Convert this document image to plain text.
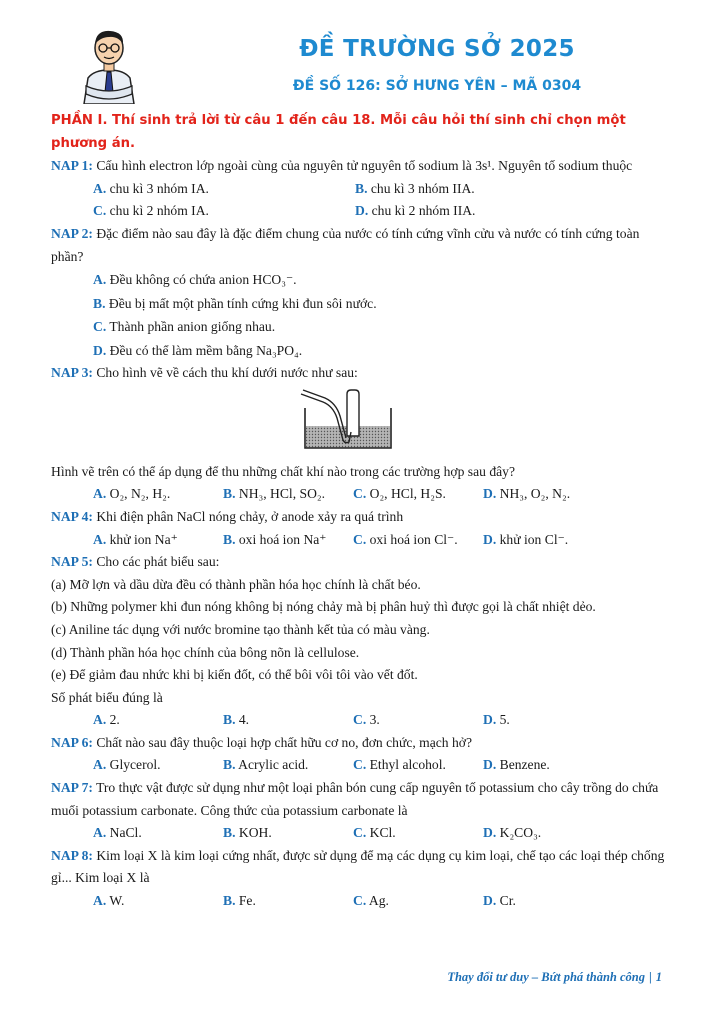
ĐỀ TRƯỜNG SỞ 2025
ĐỀ SỐ 126: SỞ HƯNG YÊN – MÃ 0304
PHẦN I. Thí sinh trả lời từ câu 1 đến câu 18. Mỗi câu hỏi thí sinh chỉ chọn một phương án.
NAP 1: Cấu hình electron lớp ngoài cùng của nguyên tử nguyên tố sodium là 3s¹. Nguyên tố sodium thuộc
A. chu kì 3 nhóm IA.	B. chu kì 3 nhóm IIA.
C. chu kì 2 nhóm IA.	D. chu kì 2 nhóm IIA.
NAP 2: Đặc điểm nào sau đây là đặc điểm chung của nước có tính cứng vĩnh cửu và nước có tính cứng toàn phần?
A. Đều không có chứa anion HCO₃⁻.
B. Đều bị mất một phần tính cứng khi đun sôi nước.
C. Thành phần anion giống nhau.
D. Đều có thể làm mềm bằng Na₃PO₄.
NAP 3: Cho hình vẽ về cách thu khí dưới nước như sau:
Hình vẽ trên có thể áp dụng để thu những chất khí nào trong các trường hợp sau đây?
A. O₂, N₂, H₂.	B. NH₃, HCl, SO₂.	C. O₂, HCl, H₂S.	D. NH₃, O₂, N₂.
NAP 4: Khi điện phân NaCl nóng chảy, ở anode xảy ra quá trình
A. khử ion Na⁺	B. oxi hoá ion Na⁺	C. oxi hoá ion Cl⁻.	D. khử ion Cl⁻.
NAP 5: Cho các phát biểu sau:
(a) Mỡ lợn và dầu dừa đều có thành phần hóa học chính là chất béo.
(b) Những polymer khi đun nóng không bị nóng chảy mà bị phân huỷ thì được gọi là chất nhiệt dẻo.
(c) Aniline tác dụng với nước bromine tạo thành kết tủa có màu vàng.
(d) Thành phần hóa học chính của bông nõn là cellulose.
(e) Để giảm đau nhức khi bị kiến đốt, có thể bôi vôi tôi vào vết đốt.
Số phát biểu đúng là
A. 2.	B. 4.	C. 3.	D. 5.
NAP 6: Chất nào sau đây thuộc loại hợp chất hữu cơ no, đơn chức, mạch hở?
A. Glycerol.	B. Acrylic acid.	C. Ethyl alcohol.	D. Benzene.
NAP 7: Tro thực vật được sử dụng như một loại phân bón cung cấp nguyên tố potassium cho cây trồng do chứa muối potassium carbonate. Công thức của potassium carbonate là
A. NaCl.	B. KOH.	C. KCl.	D. K₂CO₃.
NAP 8: Kim loại X là kim loại cứng nhất, được sử dụng để mạ các dụng cụ kim loại, chế tạo các loại thép chống gỉ... Kim loại X là
A. W.	B. Fe.	C. Ag.	D. Cr.
Thay đổi tư duy – Bứt phá thành công | 1
